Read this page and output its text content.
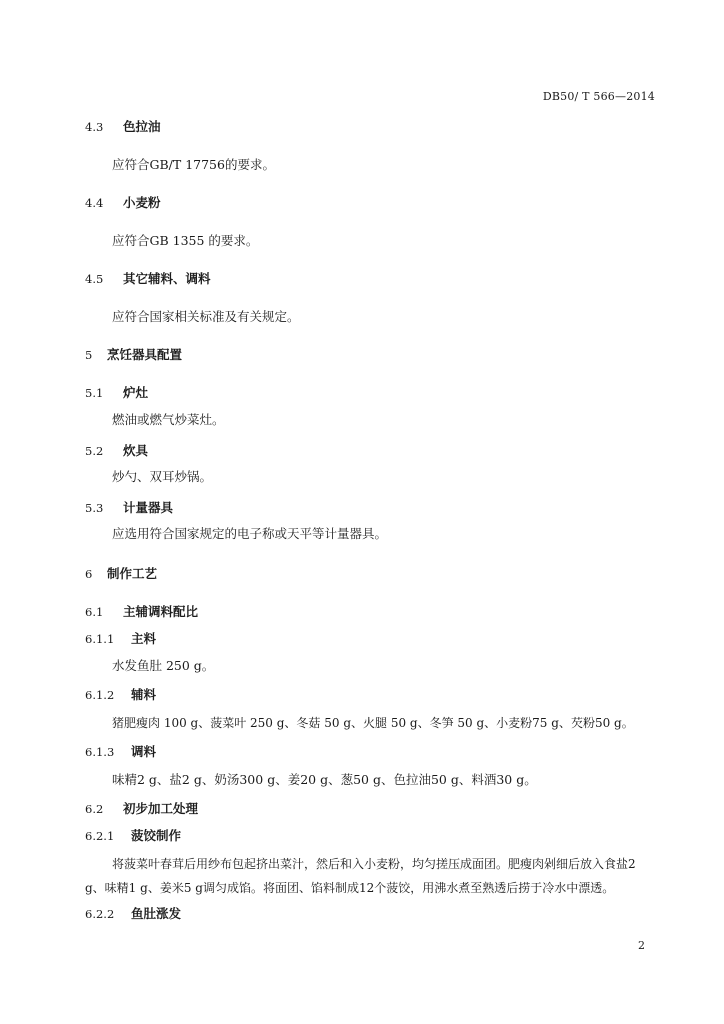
DB50/ T 566—2014
4.3 色拉油
应符合GB/T 17756的要求。
4.4 小麦粉
应符合GB 1355 的要求。
4.5 其它辅料、调料
应符合国家相关标准及有关规定。
5 烹饪器具配置
5.1 炉灶
燃油或燃气炒菜灶。
5.2 炊具
炒勺、双耳炒锅。
5.3 计量器具
应选用符合国家规定的电子称或天平等计量器具。
6 制作工艺
6.1 主辅调料配比
6.1.1 主料
水发鱼肚 250 g。
6.1.2 辅料
猪肥瘦肉 100 g、菠菜叶 250 g、冬菇 50 g、火腿 50 g、冬笋 50 g、小麦粉75 g、芡粉50 g。
6.1.3 调料
味精2 g、盐2 g、奶汤300 g、姜20 g、葱50 g、色拉油50 g、料酒30 g。
6.2 初步加工处理
6.2.1 菠饺制作
将菠菜叶春茸后用纱布包起挤出菜汁，然后和入小麦粉，均匀搓压成面团。肥瘦肉剁细后放入食盐2 g、味精1 g、姜米5 g调匀成馅。将面团、馅料制成12个菠饺，用沸水煮至熟透后捞于冷水中漂透。
6.2.2 鱼肚涨发
2
